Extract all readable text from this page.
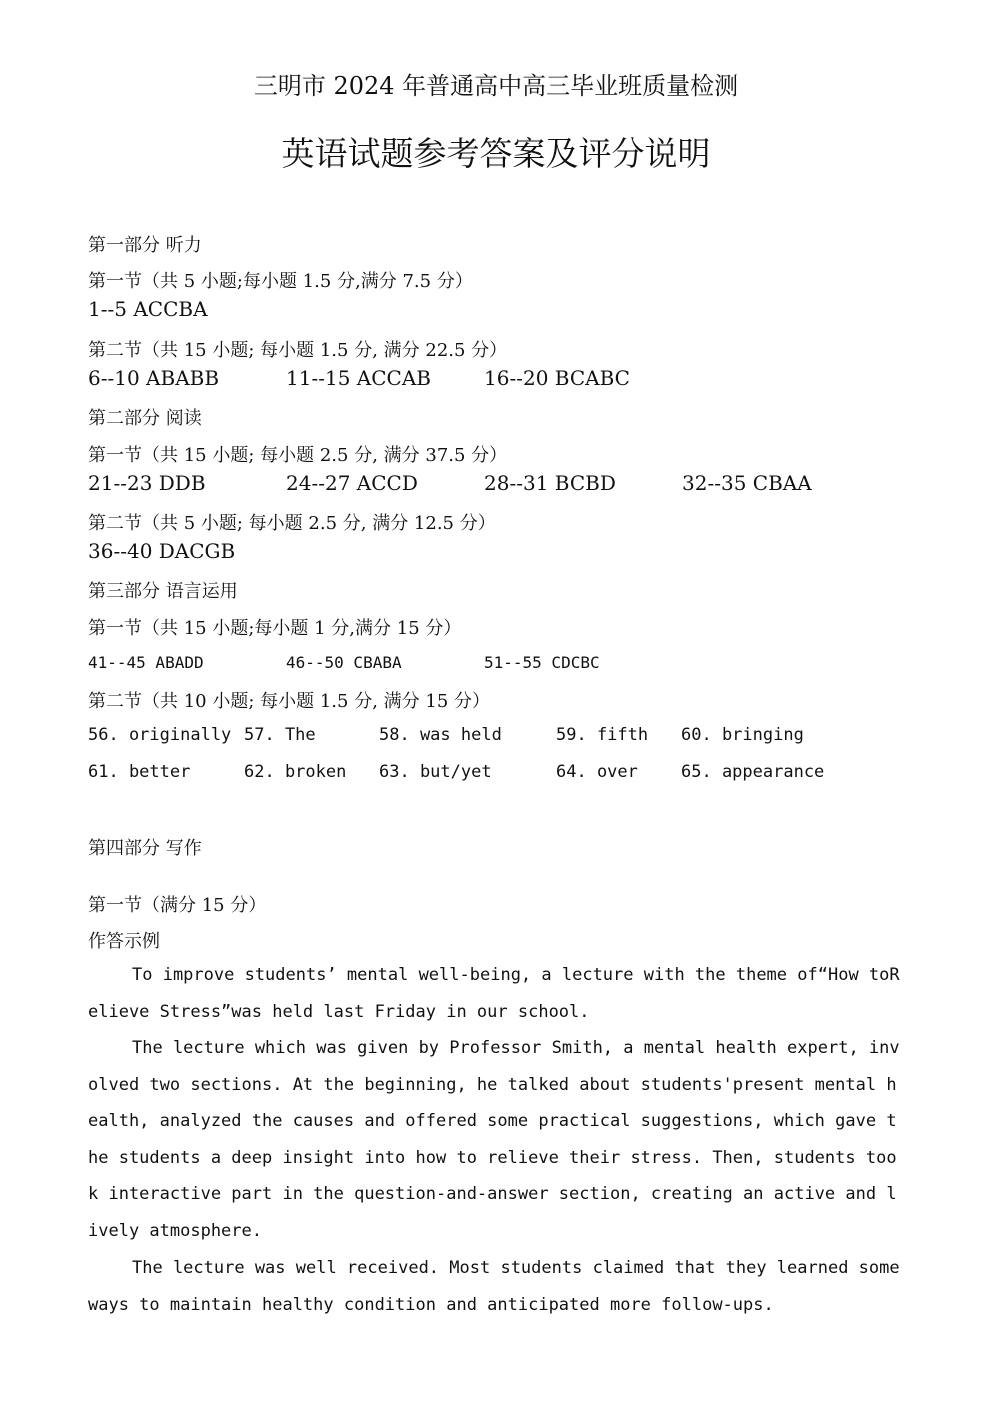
三明市 2024 年普通高中高三毕业班质量检测
英语试题参考答案及评分说明
第一部分 听力
第一节（共 5 小题;每小题 1.5 分,满分 7.5 分）
1--5 ACCBA
第二节（共 15 小题; 每小题 1.5 分, 满分 22.5 分）
6--10 ABABB	11--15 ACCAB	16--20 BCABC
第二部分 阅读
第一节（共 15 小题; 每小题 2.5 分, 满分 37.5 分）
21--23 DDB	24--27 ACCD	28--31 BCBD	32--35 CBAA
第二节（共 5 小题; 每小题 2.5 分, 满分 12.5 分）
36--40 DACGB
第三部分 语言运用
第一节（共 15 小题;每小题 1 分,满分 15 分）
41--45 ABADD	46--50 CBABA	51--55 CDCBC
第二节（共 10 小题; 每小题 1.5 分, 满分 15 分）
56. originally 57. The	58. was held	59. fifth 60. bringing
61. better	62. broken 63. but/yet	64. over	65. appearance
第四部分 写作
第一节（满分 15 分）
作答示例
To improve students’ mental well-being, a lecture with the theme of“How toRelieve Stress”was held last Friday in our school.
The lecture which was given by Professor Smith, a mental health expert, involved two sections. At the beginning, he talked about students'present mental health, analyzed the causes and offered some practical suggestions, which gave the students a deep insight into how to relieve their stress. Then, students took interactive part in the question-and-answer section, creating an active and lively atmosphere.
The lecture was well received. Most students claimed that they learned some ways to maintain healthy condition and anticipated more follow-ups.
